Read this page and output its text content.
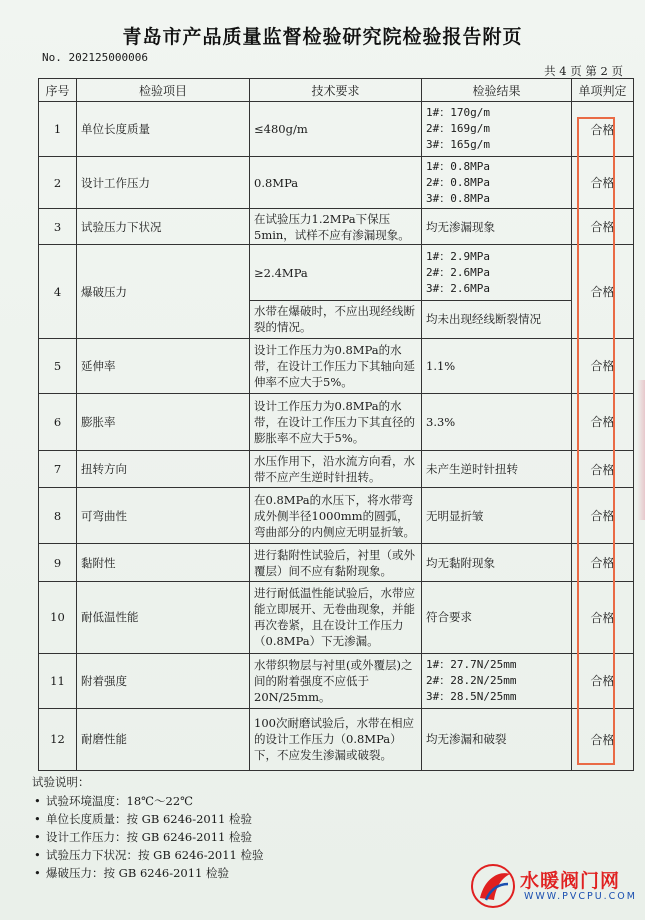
青岛市产品质量监督检验研究院检验报告附页
No. 202125000006
共 4 页 第 2 页
序号	检验项目	技术要求	检验结果	单项判定
1	单位长度质量	≤480g/m	1#：170g/m
2#：169g/m
3#：165g/m	合格
2	设计工作压力	0.8MPa	1#：0.8MPa
2#：0.8MPa
3#：0.8MPa	合格
3	试验压力下状况	在试验压力1.2MPa下保压5min，试样不应有渗漏现象。	均无渗漏现象	合格
4	爆破压力	≥2.4MPa	1#：2.9MPa
2#：2.6MPa
3#：2.6MPa	合格
		水带在爆破时，不应出现经线断裂的情况。	均未出现经线断裂情况	
5	延伸率	设计工作压力为0.8MPa的水带，在设计工作压力下其轴向延伸率不应大于5%。	1.1%	合格
6	膨胀率	设计工作压力为0.8MPa的水带，在设计工作压力下其直径的膨胀率不应大于5%。	3.3%	合格
7	扭转方向	水压作用下，沿水流方向看，水带不应产生逆时针扭转。	未产生逆时针扭转	合格
8	可弯曲性	在0.8MPa的水压下，将水带弯成外侧半径1000mm的圆弧，弯曲部分的内侧应无明显折皱。	无明显折皱	合格
9	黏附性	进行黏附性试验后，衬里（或外覆层）间不应有黏附现象。	均无黏附现象	合格
10	耐低温性能	进行耐低温性能试验后，水带应能立即展开、无卷曲现象，并能再次卷紧，且在设计工作压力（0.8MPa）下无渗漏。	符合要求	合格
11	附着强度	水带织物层与衬里(或外覆层)之间的附着强度不应低于20N/25mm。	1#：27.7N/25mm
2#：28.2N/25mm
3#：28.5N/25mm	合格
12	耐磨性能	100次耐磨试验后，水带在相应的设计工作压力（0.8MPa）下，不应发生渗漏或破裂。	均无渗漏和破裂	合格
试验说明：
• 试验环境温度：18℃～22℃
• 单位长度质量：按 GB 6246-2011 检验
• 设计工作压力：按 GB 6246-2011 检验
• 试验压力下状况：按 GB 6246-2011 检验
• 爆破压力：按 GB 6246-2011 检验	水暖阀门网
WWW.PVCPU.COM
